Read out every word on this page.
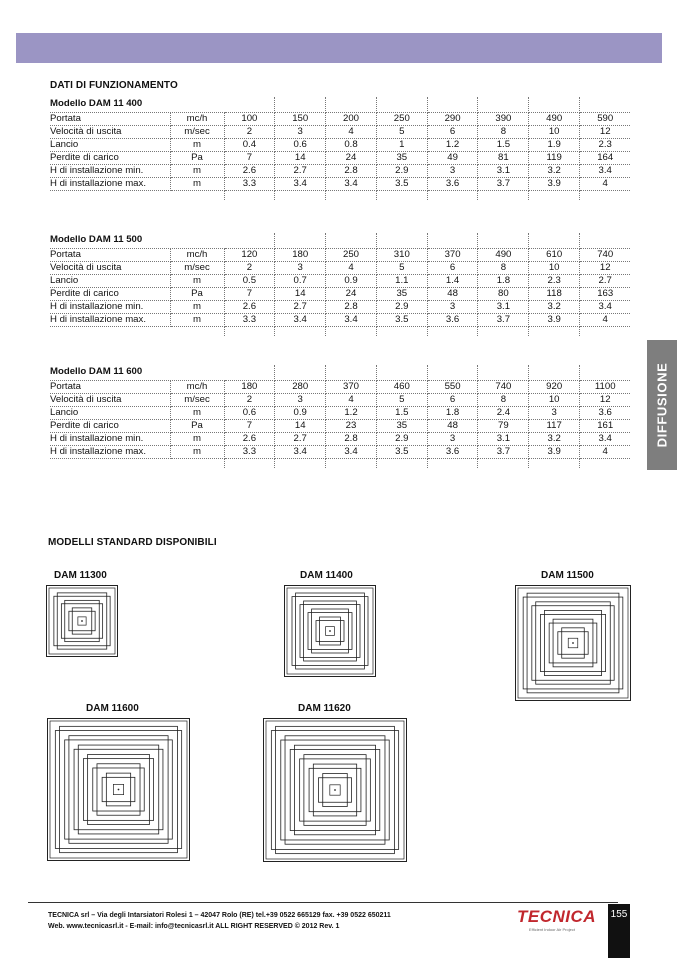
DATI DI FUNZIONAMENTO
Modello DAM 11 400									
Portata	mc/h	100	150	200	250	290	390	490	590
Velocità di uscita	m/sec	2	3	4	5	6	8	10	12
Lancio	m	0.4	0.6	0.8	1	1.2	1.5	1.9	2.3
Perdite di carico	Pa	7	14	24	35	49	81	119	164
H di installazione min.	m	2.6	2.7	2.8	2.9	3	3.1	3.2	3.4
H di installazione max.	m	3.3	3.4	3.4	3.5	3.6	3.7	3.9	4

Modello DAM 11 500									
Portata	mc/h	120	180	250	310	370	490	610	740
Velocità di uscita	m/sec	2	3	4	5	6	8	10	12
Lancio	m	0.5	0.7	0.9	1.1	1.4	1.8	2.3	2.7
Perdite di carico	Pa	7	14	24	35	48	80	118	163
H di installazione min.	m	2.6	2.7	2.8	2.9	3	3.1	3.2	3.4
H di installazione max.	m	3.3	3.4	3.4	3.5	3.6	3.7	3.9	4

Modello DAM 11 600									
Portata	mc/h	180	280	370	460	550	740	920	1100
Velocità di uscita	m/sec	2	3	4	5	6	8	10	12
Lancio	m	0.6	0.9	1.2	1.5	1.8	2.4	3	3.6
Perdite di carico	Pa	7	14	23	35	48	79	117	161
H di installazione min.	m	2.6	2.7	2.8	2.9	3	3.1	3.2	3.4
H di installazione max.	m	3.3	3.4	3.4	3.5	3.6	3.7	3.9	4

DIFFUSIONE
MODELLI STANDARD DISPONIBILI
DAM 11300	DAM 11400	DAM 11500
DAM 11600	DAM 11620
TECNICA srl – Via degli Intarsiatori Rolesi 1 – 42047 Rolo (RE) tel.+39 0522 665129 fax. +39 0522 650211
Web. www.tecnicasrl.it - E-mail: info@tecnicasrl.it ALL RIGHT RESERVED © 2012 Rev. 1
TECNICA
Efficient Indoor Air Project
155
